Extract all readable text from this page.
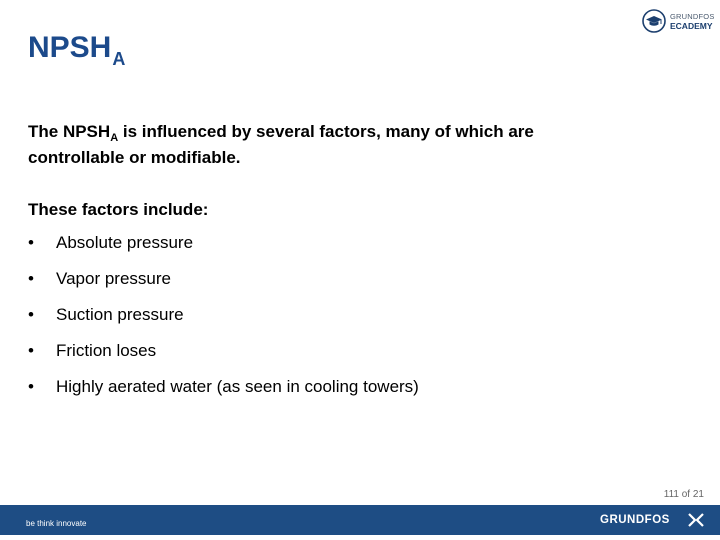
$NPSH_A$
GRUNDFOS
ECADEMY

The $NPSH_A$ is influenced by several factors, many of which are controllable or modifiable.

These factors include:

• Absolute pressure
• Vapor pressure
• Suction pressure
• Friction loses
• Highly aerated water (as seen in cooling towers)
111 of 21
be think innovate	GRUNDFOS
